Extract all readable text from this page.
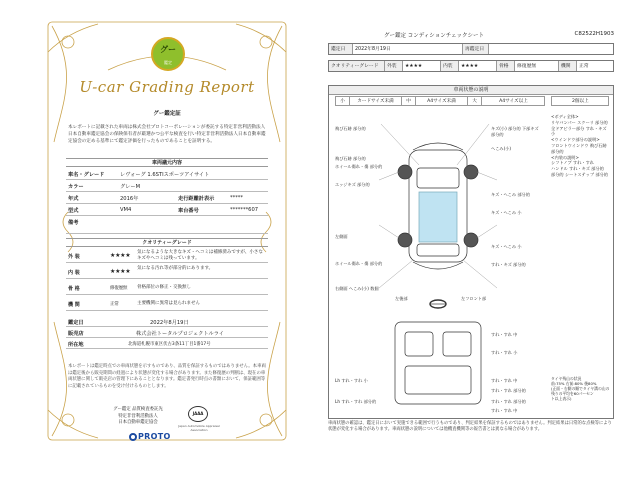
グー
鑑定
U-car Grading Report
グー鑑定証
本レポートに記載された車両は株式会社プロトコーポレーションが委託する特定非営利活動法人日本自動車鑑定協会の保険保有者が厳選かつ公平な検査を行い特定非営利活動法人日本自動車鑑定協会の定める基準にて鑑定評価を行ったものであることを証明する。
車両議元内容
車名・グレード	レヴォーグ 1.6STIスポーツアイサイト
カラー	グレーM
年式	2016年	走行距離計表示	*****
型式	VM4	車台番号	*******607
備考
クオリティーグレード
外 装	★★★★ 気になるような大きなキズ・ヘコミは補修済みですが、小さなキズやヘコミは残っています。
内 装	★★★★ 気になる汚れ等が部分的にあります。
骨 格	修復歴無 骨格部位の修正・交換無し
機 関	正常	主要機関に異常は見られません
鑑定日	2022年8月19日
販売店	株式会社トータルプロジェクトルライ
所在地	北海道札幌市東区伏古3条11丁目1番17号
本レポートは鑑定時点での車両状態を示すものであり、品質を保証するものではありません。本車両は鑑定後から販売期間の経過により状態が変化する場合があります。また修復歴の判断は、現在の車両状態に関して販売店の管理下にあることとなります。鑑定書発行時点の書類において、保証範囲等に記載されているものを受け付けるものとします。
グー鑑定 品質検査委託先
特定非営利活動法人
日本自動車鑑定協会
JAAA
Japan Automobile Appraisal Association
PROTO
グー鑑定 コンディションチェックシート	C82522H1903
鑑定日	2022年8月19日	再鑑定日
クオリティーグレード	外装	★★★★	内装	★★★★	骨格	修復歴無	機関	正常
車両状態の説明
小	カードサイズ未満	中	A4サイズ未満	大	A4サイズ以上	2個以上
飛び石跡 部分的
飛び石跡 部分的
ホイール傷れ・傷 部分的
エッジキズ 部分的
左側面
ホイール傷れ・傷 部分的
右側面 へこみ(小) 数個
左後部	左フロント部
キズ(小) 部分的 下部キズ 部分的
へこみ(小)
キズ・へこみ 部分的
キズ・へこみ 小
キズ・へこみ 小
すれ・キズ 部分的
すれ・すれ 中
すれ・すれ 小
Lh すれ・すれ 小
Lh すれ・すれ 部分的
すれ・すれ 中
すれ・すれ 部分的
すれ・すれ 部分的
すれ・すれ 中
<ボディ全体>
リヤバンパー スクーリ 部分的
全ドアピラー部分 すれ・キズ 小
<ウインドウ部分の説明>
フロントウインドウ 飛び石跡 部分的
<内装の説明>
シフトノブ すれ・すれ
ハンドル すれ・キズ 部分的
部分的 シートステップ 部分的
タイヤ残山の状況
前:75% 右前:80% 後80%
(正面・右側の順でタイヤ溝の山の残りの平均を60パーセン
ト以上表示)
車両状態の確認は、鑑定日において実施できる範囲で行うものであり、判定結果を保証するものではありません。判定結果は日常的な点検等により状態が変化する場合があります。車両状態の説明については他機査機関等の報告書とは異なる場合があります。
